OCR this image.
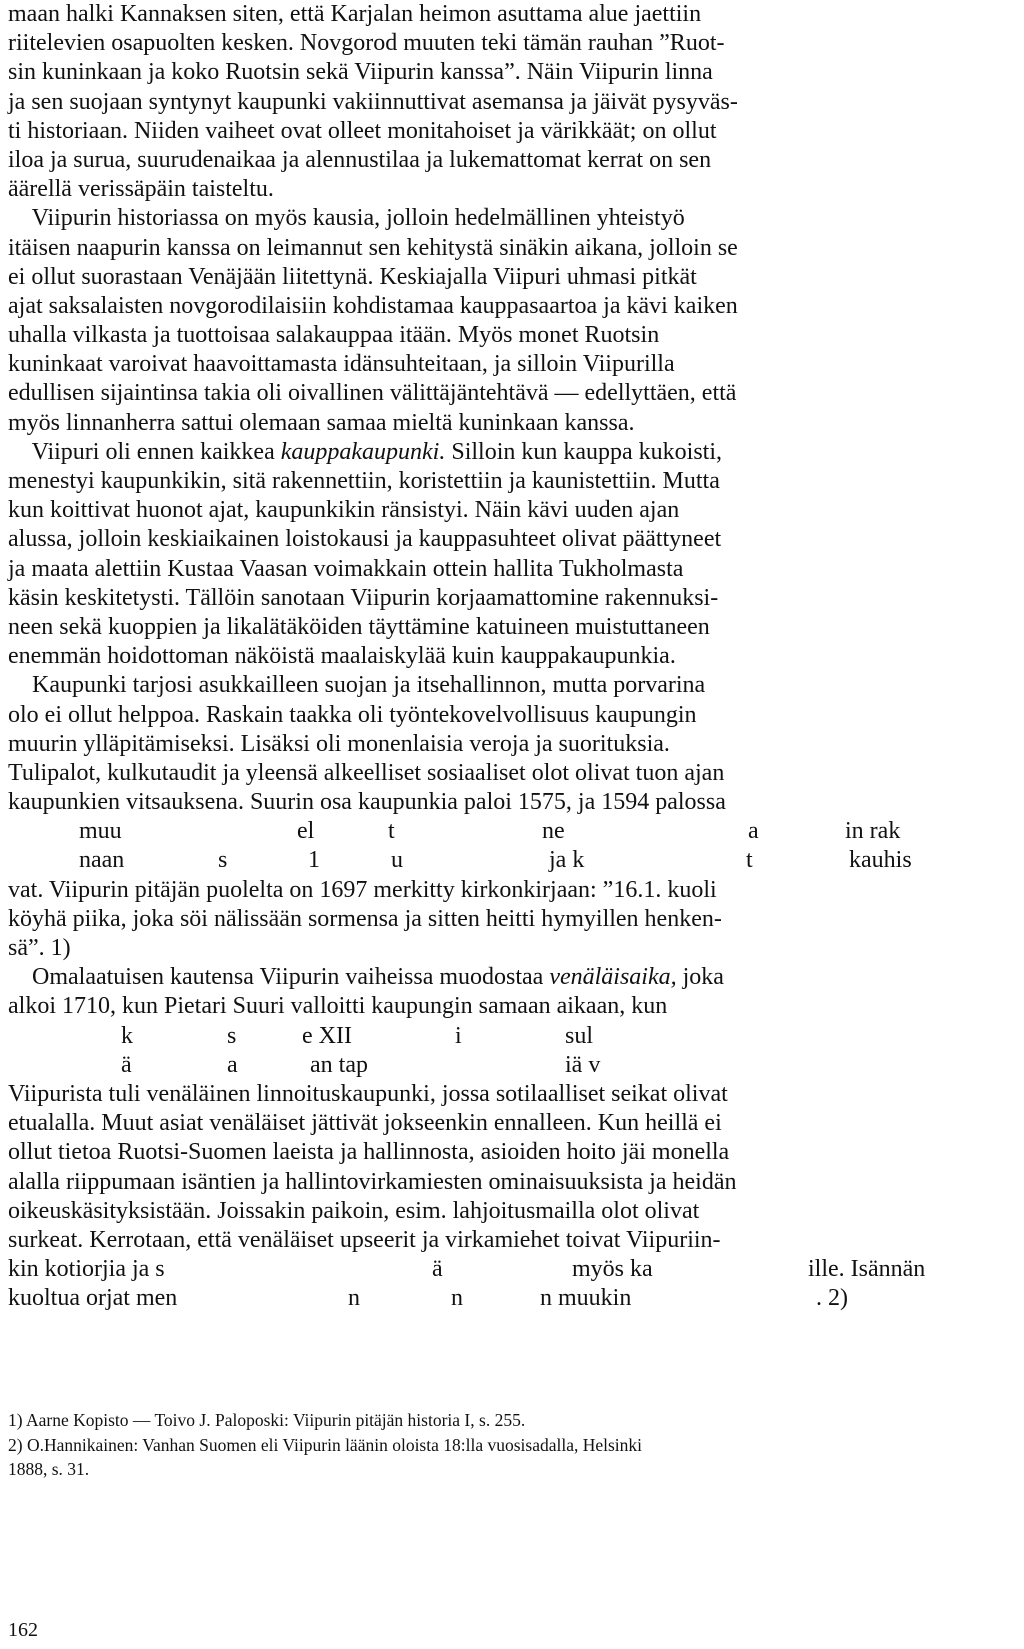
maan halki Kannaksen siten, että Karjalan heimon asuttama alue jaettiin
riitelevien osapuolten kesken. Novgorod muuten teki tämän rauhan ”Ruot-
sin kuninkaan ja koko Ruotsin sekä Viipurin kanssa”. Näin Viipurin linna
ja sen suojaan syntynyt kaupunki vakiinnuttivat asemansa ja jäivät pysyväs-
ti historiaan. Niiden vaiheet ovat olleet monitahoiset ja värikkäät; on ollut
iloa ja surua, suurudenaikaa ja alennustilaa ja lukemattomat kerrat on sen
äärellä verissäpäin taisteltu.
Viipurin historiassa on myös kausia, jolloin hedelmällinen yhteistyö
itäisen naapurin kanssa on leimannut sen kehitystä sinäkin aikana, jolloin se
ei ollut suorastaan Venäjään liitettynä. Keskiajalla Viipuri uhmasi pitkät
ajat saksalaisten novgorodilaisiin kohdistamaa kauppasaartoa ja kävi kaiken
uhalla vilkasta ja tuottoisaa salakauppaa itään. Myös monet Ruotsin
kuninkaat varoivat haavoittamasta idänsuhteitaan, ja silloin Viipurilla
edullisen sijaintinsa takia oli oivallinen välittäjäntehtävä — edellyttäen, että
myös linnanherra sattui olemaan samaa mieltä kuninkaan kanssa.
Viipuri oli ennen kaikkea kauppakaupunki. Silloin kun kauppa kukoisti,
menestyi kaupunkikin, sitä rakennettiin, koristettiin ja kaunistettiin. Mutta
kun koittivat huonot ajat, kaupunkikin ränsistyi. Näin kävi uuden ajan
alussa, jolloin keskiaikainen loistokausi ja kauppasuhteet olivat päättyneet
ja maata alettiin Kustaa Vaasan voimakkain ottein hallita Tukholmasta
käsin keskitetysti. Tällöin sanotaan Viipurin korjaamattomine rakennuksi-
neen sekä kuoppien ja likalätäköiden täyttämine katuineen muistuttaneen
enemmän hoidottoman näköistä maalaiskylää kuin kauppakaupunkia.
Kaupunki tarjosi asukkailleen suojan ja itsehallinnon, mutta porvarina
olo ei ollut helppoa. Raskain taakka oli työntekovelvollisuus kaupungin
muurin ylläpitämiseksi. Lisäksi oli monenlaisia veroja ja suorituksia.
Tulipalot, kulkutaudit ja yleensä alkeelliset sosiaaliset olot olivat tuon ajan
kaupunkien vitsauksena. Suurin osa kaupunkia paloi 1575, ja 1594 palossa
muu	el	t	ne	a	in rak
naan	s	1	u	ja k	t	kauhis
vat. Viipurin pitäjän puolelta on 1697 merkitty kirkonkirjaan: ”16.1. kuoli
köyhä piika, joka söi nälissään sormensa ja sitten heitti hymyillen henken-
sä”. 1)
Omalaatuisen kautensa Viipurin vaiheissa muodostaa venäläisaika, joka
alkoi 1710, kun Pietari Suuri valloitti kaupungin samaan aikaan, kun
k	s	e XII	i	sul
ä	a	an tap	iä v
Viipurista tuli venäläinen linnoituskaupunki, jossa sotilaalliset seikat olivat
etualalla. Muut asiat venäläiset jättivät jokseenkin ennalleen. Kun heillä ei
ollut tietoa Ruotsi-Suomen laeista ja hallinnosta, asioiden hoito jäi monella
alalla riippumaan isäntien ja hallintovirkamiesten ominaisuuksista ja heidän
oikeuskäsityksistään. Joissakin paikoin, esim. lahjoitusmailla olot olivat
surkeat. Kerrotaan, että venäläiset upseerit ja virkamiehet toivat Viipuriin-
kin kotiorjia ja s	ä	myös ka	ille. Isännän
kuoltua orjat men	n	n	n muukin	. 2)
1) Aarne Kopisto — Toivo J. Paloposki: Viipurin pitäjän historia I, s. 255.
2) O.Hannikainen: Vanhan Suomen eli Viipurin läänin oloista 18:lla vuosisadalla, Helsinki
1888, s. 31.
162
